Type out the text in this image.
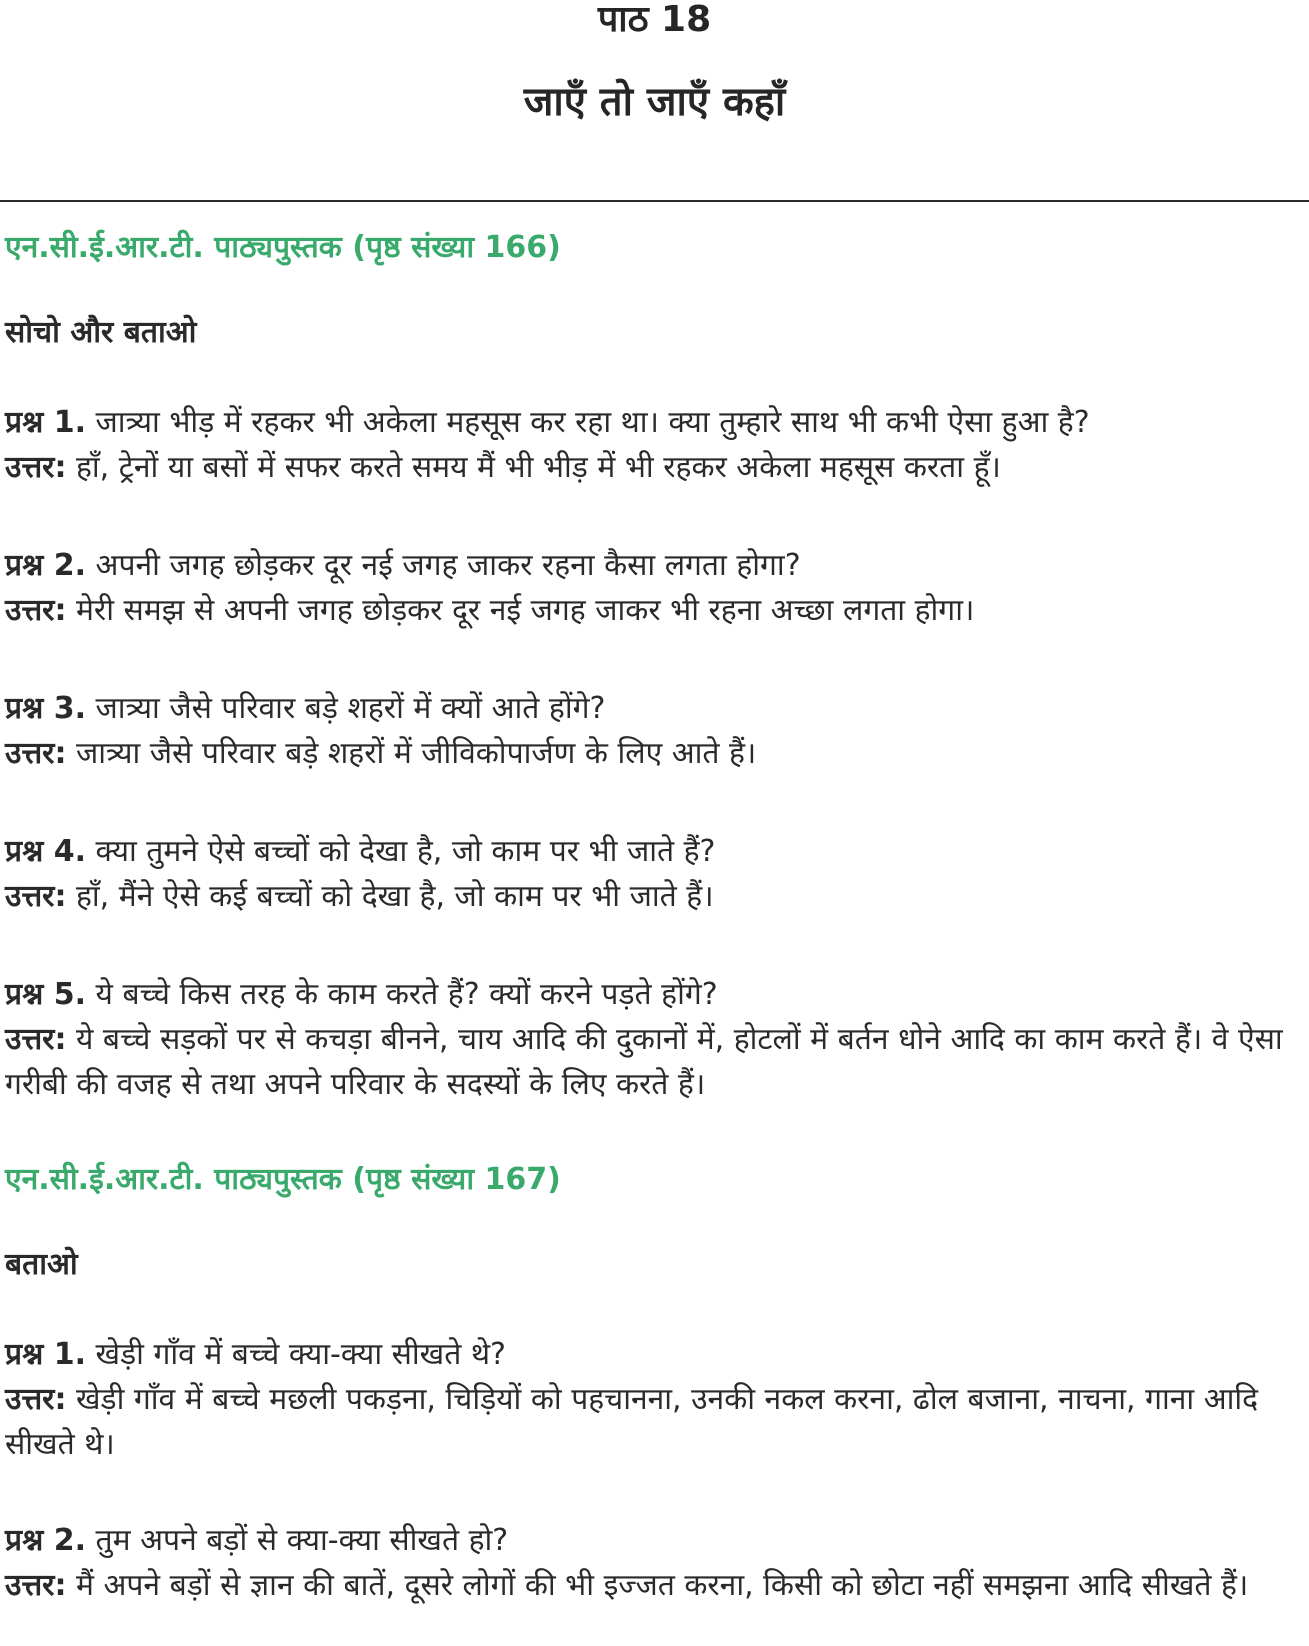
पाठ 18
जाएँ तो जाएँ कहाँ
एन.सी.ई.आर.टी. पाठ्यपुस्तक (पृष्ठ संख्या 166)
सोचो और बताओ

प्रश्न 1. जात्र्या भीड़ में रहकर भी अकेला महसूस कर रहा था। क्या तुम्हारे साथ भी कभी ऐसा हुआ है?

उत्तर: हाँ, ट्रेनों या बसों में सफर करते समय मैं भी भीड़ में भी रहकर अकेला महसूस करता हूँ।

प्रश्न 2. अपनी जगह छोड़कर दूर नई जगह जाकर रहना कैसा लगता होगा?

उत्तर: मेरी समझ से अपनी जगह छोड़कर दूर नई जगह जाकर भी रहना अच्छा लगता होगा।

प्रश्न 3. जात्र्या जैसे परिवार बड़े शहरों में क्यों आते होंगे?

उत्तर: जात्र्या जैसे परिवार बड़े शहरों में जीविकोपार्जण के लिए आते हैं।

प्रश्न 4. क्या तुमने ऐसे बच्चों को देखा है, जो काम पर भी जाते हैं?

उत्तर: हाँ, मैंने ऐसे कई बच्चों को देखा है, जो काम पर भी जाते हैं।

प्रश्न 5. ये बच्चे किस तरह के काम करते हैं? क्यों करने पड़ते होंगे?

उत्तर: ये बच्चे सड़कों पर से कचड़ा बीनने, चाय आदि की दुकानों में, होटलों में बर्तन धोने आदि का काम करते हैं। वे ऐसा गरीबी की वजह से तथा अपने परिवार के सदस्यों के लिए करते हैं।

एन.सी.ई.आर.टी. पाठ्यपुस्तक (पृष्ठ संख्या 167)
बताओ

प्रश्न 1. खेड़ी गाँव में बच्चे क्या-क्या सीखते थे?

उत्तर: खेड़ी गाँव में बच्चे मछली पकड़ना, चिड़ियों को पहचानना, उनकी नकल करना, ढोल बजाना, नाचना, गाना आदि सीखते थे।

प्रश्न 2. तुम अपने बड़ों से क्या-क्या सीखते हो?

उत्तर: मैं अपने बड़ों से ज्ञान की बातें, दूसरे लोगों की भी इज्जत करना, किसी को छोटा नहीं समझना आदि सीखते हैं।
